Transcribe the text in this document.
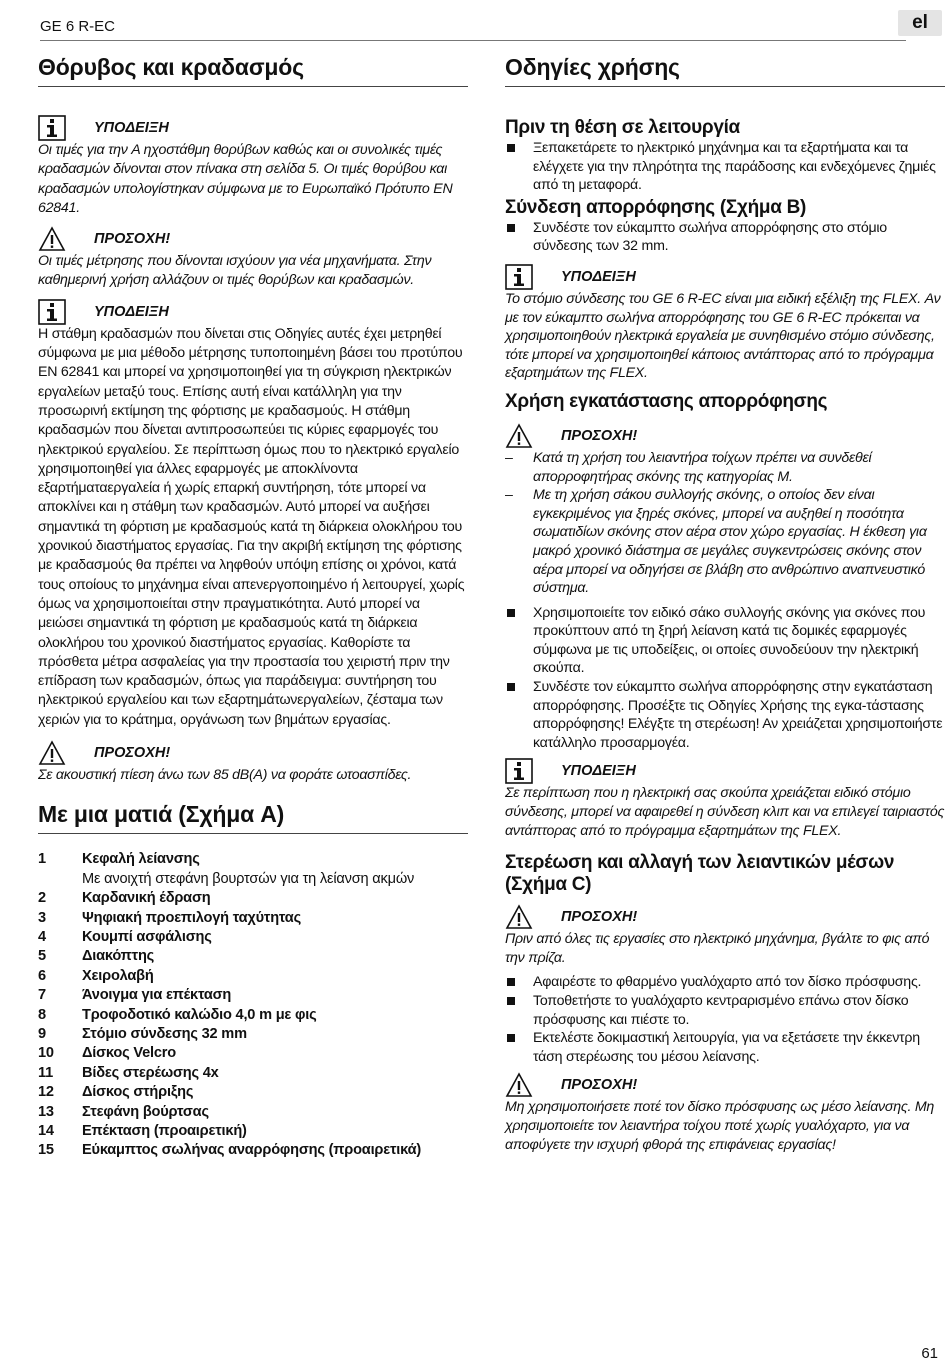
GE 6 R-EC	el
Θόρυβος και κραδασμός
ΥΠΟΔΕΙΞΗ

Οι τιμές για την A ηχοστάθμη θορύβων καθώς και οι συνολικές τιμές κραδασμών δίνονται στον πίνακα στη σελίδα 5. Οι τιμές θορύβου και κραδασμών υπολογίστηκαν σύμφωνα με το Ευρωπαϊκό Πρότυπο EN 62841.

ΠΡΟΣΟΧΗ!

Οι τιμές μέτρησης που δίνονται ισχύουν για νέα μηχανήματα. Στην καθημερινή χρήση αλλάζουν οι τιμές θορύβων και κραδασμών.

ΥΠΟΔΕΙΞΗ

Η στάθμη κραδασμών που δίνεται στις Οδηγίες αυτές έχει μετρηθεί σύμφωνα με μια μέθοδο μέτρησης τυποποιημένη βάσει του προτύπου EN 62841 και μπορεί να χρησιμοποιηθεί για τη σύγκριση ηλεκτρικών εργαλείων μεταξύ τους. Επίσης αυτή είναι κατάλληλη για την προσωρινή εκτίμηση της φόρτισης με κραδασμούς. Η στάθμη κραδασμών που δίνεται αντιπροσωπεύει τις κύριες εφαρμογές του ηλεκτρικού εργαλείου. Σε περίπτωση όμως που το ηλεκτρικό εργαλείο χρησιμοποιηθεί για άλλες εφαρμογές με αποκλίνοντα εξαρτήματαεργαλεία ή χωρίς επαρκή συντήρηση, τότε μπορεί να αποκλίνει και η στάθμη των κραδασμών. Αυτό μπορεί να αυξήσει σημαντικά τη φόρτιση με κραδασμούς κατά τη διάρκεια ολοκλήρου του χρονικού διαστήματος εργασίας. Για την ακριβή εκτίμηση της φόρτισης με κραδασμούς θα πρέπει να ληφθούν υπόψη επίσης οι χρόνοι, κατά τους οποίους το μηχάνημα είναι απενεργοποιημένο ή λειτουργεί, χωρίς όμως να χρησιμοποιείται στην πραγματικότητα. Αυτό μπορεί να μειώσει σημαντικά τη φόρτιση με κραδασμούς κατά τη διάρκεια ολοκλήρου του χρονικού διαστήματος εργασίας. Καθορίστε τα πρόσθετα μέτρα ασφαλείας για την προστασία του χειριστή πριν την επίδραση των κραδασμών, όπως για παράδειγμα: συντήρηση του ηλεκτρικού εργαλείου και των εξαρτημάτωνεργαλείων, ζέσταμα των χεριών για το κράτημα, οργάνωση των βημάτων εργασίας.

ΠΡΟΣΟΧΗ!

Σε ακουστική πίεση άνω των 85 dB(A) να φοράτε ωτοασπίδες.

Με μια ματιά (Σχήμα A)
1	Κεφαλή λείανσης
Με ανοιχτή στεφάνη βουρτσών για τη λείανση ακμών
2	Καρδανική έδραση
3	Ψηφιακή προεπιλογή ταχύτητας
4	Κουμπί ασφάλισης
5	Διακόπτης
6	Χειρολαβή
7	Άνοιγμα για επέκταση
8	Τροφοδοτικό καλώδιο 4,0 m με φις
9	Στόμιο σύνδεσης 32 mm
10	Δίσκος Velcro
11	Βίδες στερέωσης 4x
12	Δίσκος στήριξης
13	Στεφάνη βούρτσας
14	Επέκταση (προαιρετική)
15	Εύκαμπτος σωλήνας αναρρόφησης (προαιρετικά)
Οδηγίες χρήσης
Πριν τη θέση σε λειτουργία
Ξεπακετάρετε το ηλεκτρικό μηχάνημα και τα εξαρτήματα και τα ελέγχετε για την πληρότητα της παράδοσης και ενδεχόμενες ζημιές από τη μεταφορά.
Σύνδεση απορρόφησης (Σχήμα B)
Συνδέστε τον εύκαμπτο σωλήνα απορρόφησης στο στόμιο σύνδεσης των 32 mm.
ΥΠΟΔΕΙΞΗ

Το στόμιο σύνδεσης του GE 6 R-EC είναι μια ειδική εξέλιξη της FLEX. Αν με τον εύκαμπτο σωλήνα απορρόφησης του GE 6 R-EC πρόκειται να χρησιμοποιηθούν ηλεκτρικά εργαλεία με συνηθισμένο στόμιο σύνδεσης, τότε μπορεί να χρησιμοποιηθεί κάποιος αντάπτορας από το πρόγραμμα εξαρτημάτων της FLEX.

Χρήση εγκατάστασης απορρόφησης
ΠΡΟΣΟΧΗ!
– Κατά τη χρήση του λειαντήρα τοίχων πρέπει να συνδεθεί απορροφητήρας σκόνης της κατηγορίας M.
– Με τη χρήση σάκου συλλογής σκόνης, ο οποίος δεν είναι εγκεκριμένος για ξηρές σκόνες, μπορεί να αυξηθεί η ποσότητα σωματιδίων σκόνης στον αέρα στον χώρο εργασίας. Η έκθεση για μακρό χρονικό διάστημα σε μεγάλες συγκεντρώσεις σκόνης στον αέρα μπορεί να οδηγήσει σε βλάβη στο ανθρώπινο αναπνευστικό σύστημα.
Χρησιμοποιείτε τον ειδικό σάκο συλλογής σκόνης για σκόνες που προκύπτουν από τη ξηρή λείανση κατά τις δομικές εφαρμογές σύμφωνα με τις υποδείξεις, οι οποίες συνοδεύουν την ηλεκτρική σκούπα.
Συνδέστε τον εύκαμπτο σωλήνα απορρόφησης στην εγκατάσταση απορρόφησης. Προσέξτε τις Οδηγίες Χρήσης της εγκα-τάστασης απορρόφησης! Ελέγξτε τη στερέωση! Αν χρειάζεται χρησιμοποιήστε κατάλληλο προσαρμογέα.
ΥΠΟΔΕΙΞΗ

Σε περίπτωση που η ηλεκτρική σας σκούπα χρειάζεται ειδικό στόμιο σύνδεσης, μπορεί να αφαιρεθεί η σύνδεση κλιπ και να επιλεγεί ταιριαστός αντάπτορας από το πρόγραμμα εξαρτημάτων της FLEX.

Στερέωση και αλλαγή των λειαντικών μέσων (Σχήμα C)
ΠΡΟΣΟΧΗ!

Πριν από όλες τις εργασίες στο ηλεκτρικό μηχάνημα, βγάλτε το φις από την πρίζα.

Αφαιρέστε το φθαρμένο γυαλόχαρτο από τον δίσκο πρόσφυσης.
Τοποθετήστε το γυαλόχαρτο κεντραρισμένο επάνω στον δίσκο πρόσφυσης και πιέστε το.
Εκτελέστε δοκιμαστική λειτουργία, για να εξετάσετε την έκκεντρη τάση στερέωσης του μέσου λείανσης.
ΠΡΟΣΟΧΗ!

Μη χρησιμοποιήσετε ποτέ τον δίσκο πρόσφυσης ως μέσο λείανσης. Μη χρησιμοποιείτε τον λειαντήρα τοίχου ποτέ χωρίς γυαλόχαρτο, για να αποφύγετε την ισχυρή φθορά της επιφάνειας εργασίας!

61
